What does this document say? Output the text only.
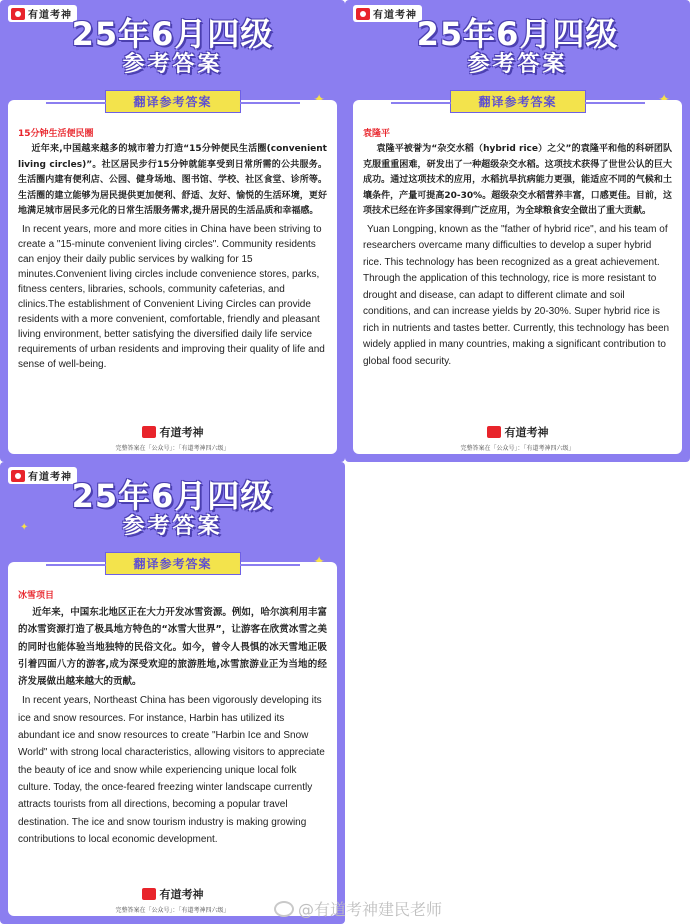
有道考神 25年6月四级
参考答案
翻译参考答案
15分钟生活便民圈

近年来,中国越来越多的城市着力打造“15分钟便民生活圈(convenient living circles)”。社区居民步行15分钟就能享受到日常所需的公共服务。生活圈内建有便利店、公园、健身场地、图书馆、学校、社区食堂、诊所等。生活圈的建立能够为居民提供更加便利、舒适、友好、愉悦的生活环境，更好地满足城市居民多元化的日常生活服务需求,提升居民的生活品质和幸福感。

In recent years, more and more cities in China have been striving to create a "15-minute convenient living circles". Community residents can enjoy their daily public services by walking for 15 minutes.Convenient living circles include convenience stores, parks, fitness centers, libraries, schools, community cafeterias, and clinics.The establishment of Convenient Living Circles can provide residents with a more convenient, comfortable, friendly and pleasant living environment, better satisfying the diversified daily life service requirements of urban residents and improving their quality of life and sense of well-being.

有道考神
完整答案在「公众号」：「有道考神四六级」
有道考神 25年6月四级
参考答案
翻译参考答案
袁隆平

袁隆平被誉为“杂交水稻（hybrid rice）之父”的袁隆平和他的科研团队克服重重困难，研发出了一种超级杂交水稻。这项技术获得了世世公认的巨大成功。通过这项技术的应用，水稻抗旱抗病能力更强，能适应不同的气候和土壤条件，产量可提高20-30%。超级杂交水稻营养丰富，口感更佳。目前，这项技术已经在许多国家得到广泛应用，为全球粮食安全做出了重大贡献。

Yuan Longping, known as the "father of hybrid rice", and his team of researchers overcame many difficulties to develop a super hybrid rice. This technology has been recognized as a great achievement. Through the application of this technology, rice is more resistant to drought and disease, can adapt to different climate and soil conditions, and can increase yields by 20-30%. Super hybrid rice is rich in nutrients and tastes better. Currently, this technology has been widely applied in many countries, making a significant contribution to global food security.

有道考神
完整答案在「公众号」：「有道考神四六级」
有道考神 25年6月四级
参考答案
✦
翻译参考答案
冰雪项目

近年来，中国东北地区正在大力开发冰雪资源。例如，哈尔滨利用丰富的冰雪资源打造了极具地方特色的“冰雪大世界”，让游客在欣赏冰雪之美的同时也能体验当地独特的民俗文化。如今，曾令人畏惧的冰天雪地正吸引着四面八方的游客,成为深受欢迎的旅游胜地,冰雪旅游业正为当地的经济发展做出越来越大的贡献。

In recent years, Northeast China has been vigorously developing its ice and snow resources. For instance, Harbin has utilized its abundant ice and snow resources to create "Harbin Ice and Snow World" with strong local characteristics, allowing visitors to appreciate the beauty of ice and snow while experiencing unique local folk culture. Today, the once-feared freezing winter landscape currently attracts tourists from all directions, becoming a popular travel destination. The ice and snow tourism industry is making growing contributions to local economic development.

有道考神
完整答案在「公众号」：「有道考神四六级」	@有道考神建民老师
